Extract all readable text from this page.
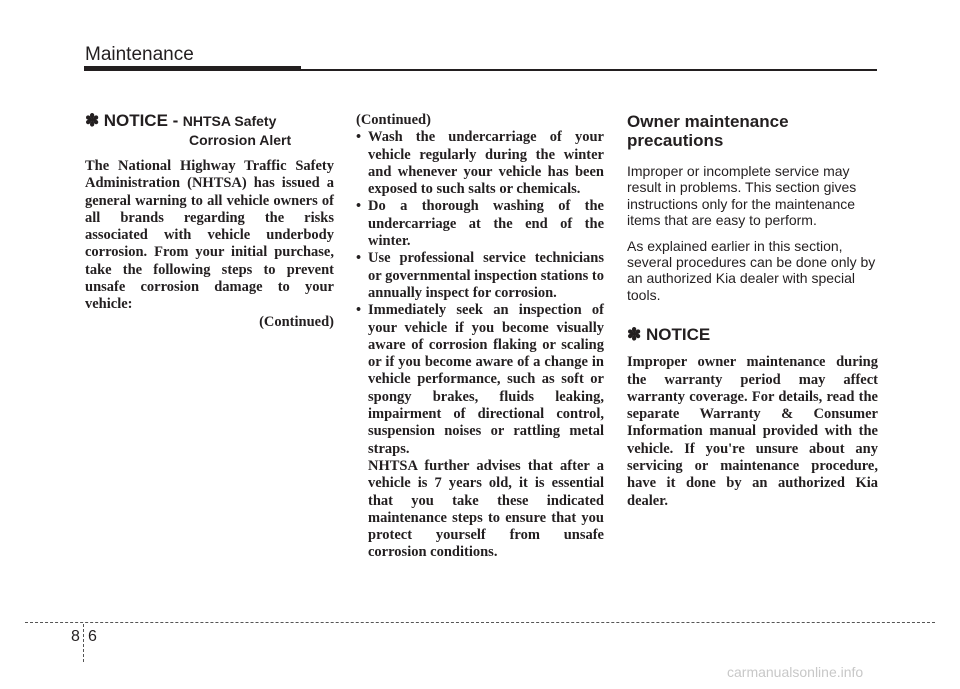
Maintenance
✽ NOTICE - NHTSA Safety
Corrosion Alert

The National Highway Traffic Safety Administration (NHTSA) has issued a general warning to all vehicle owners of all brands regarding the risks associated with vehicle underbody corrosion. From your initial purchase, take the following steps to prevent unsafe corrosion damage to your vehicle:

(Continued)
(Continued)
• Wash the undercarriage of your vehicle regularly during the winter and whenever your vehicle has been exposed to such salts or chemicals.
• Do a thorough washing of the undercarriage at the end of the winter.
• Use professional service technicians or governmental inspection stations to annually inspect for corrosion.
• Immediately seek an inspection of your vehicle if you become visually aware of corrosion flaking or scaling or if you become aware of a change in vehicle performance, such as soft or spongy brakes, fluids leaking, impairment of directional control, suspension noises or rattling metal straps.

NHTSA further advises that after a vehicle is 7 years old, it is essential that you take these indicated maintenance steps to ensure that you protect yourself from unsafe corrosion conditions.

Owner maintenance precautions

Improper or incomplete service may result in problems. This section gives instructions only for the maintenance items that are easy to perform.

As explained earlier in this section, several procedures can be done only by an authorized Kia dealer with special tools.

✽ NOTICE

Improper owner maintenance during the warranty period may affect warranty coverage. For details, read the separate Warranty & Consumer Information manual provided with the vehicle. If you're unsure about any servicing or maintenance procedure, have it done by an authorized Kia dealer.

8 6
carmanualsonline.info
